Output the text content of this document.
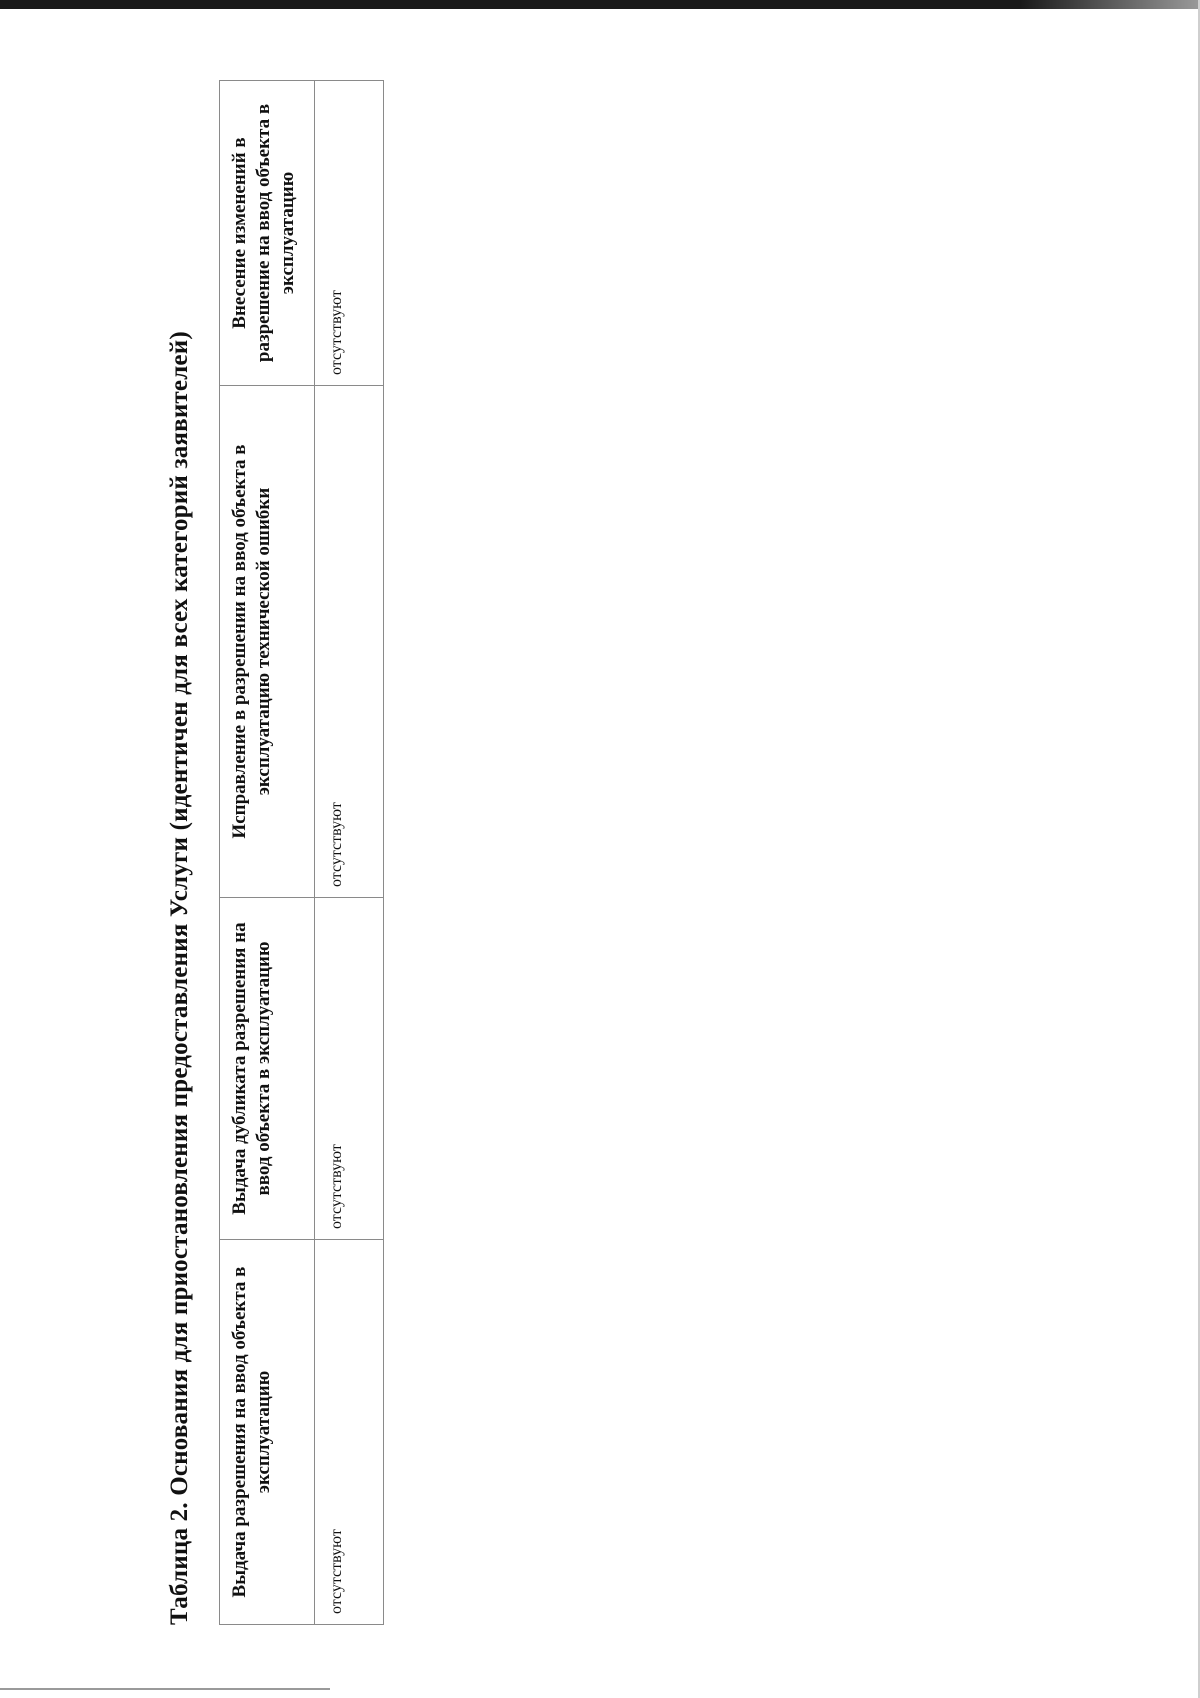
Таблица 2. Основания для приостановления предоставления Услуги (идентичен для всех категорий заявителей) Выдача разрешения на ввод объекта в эксплуатацию	Выдача дубликата разрешения на ввод объекта в эксплуатацию	Исправление в разрешении на ввод объекта в эксплуатацию технической ошибки	Внесение изменений в разрешение на ввод объекта в эксплуатацию
отсутствуют	отсутствуют	отсутствуют	отсутствуют
